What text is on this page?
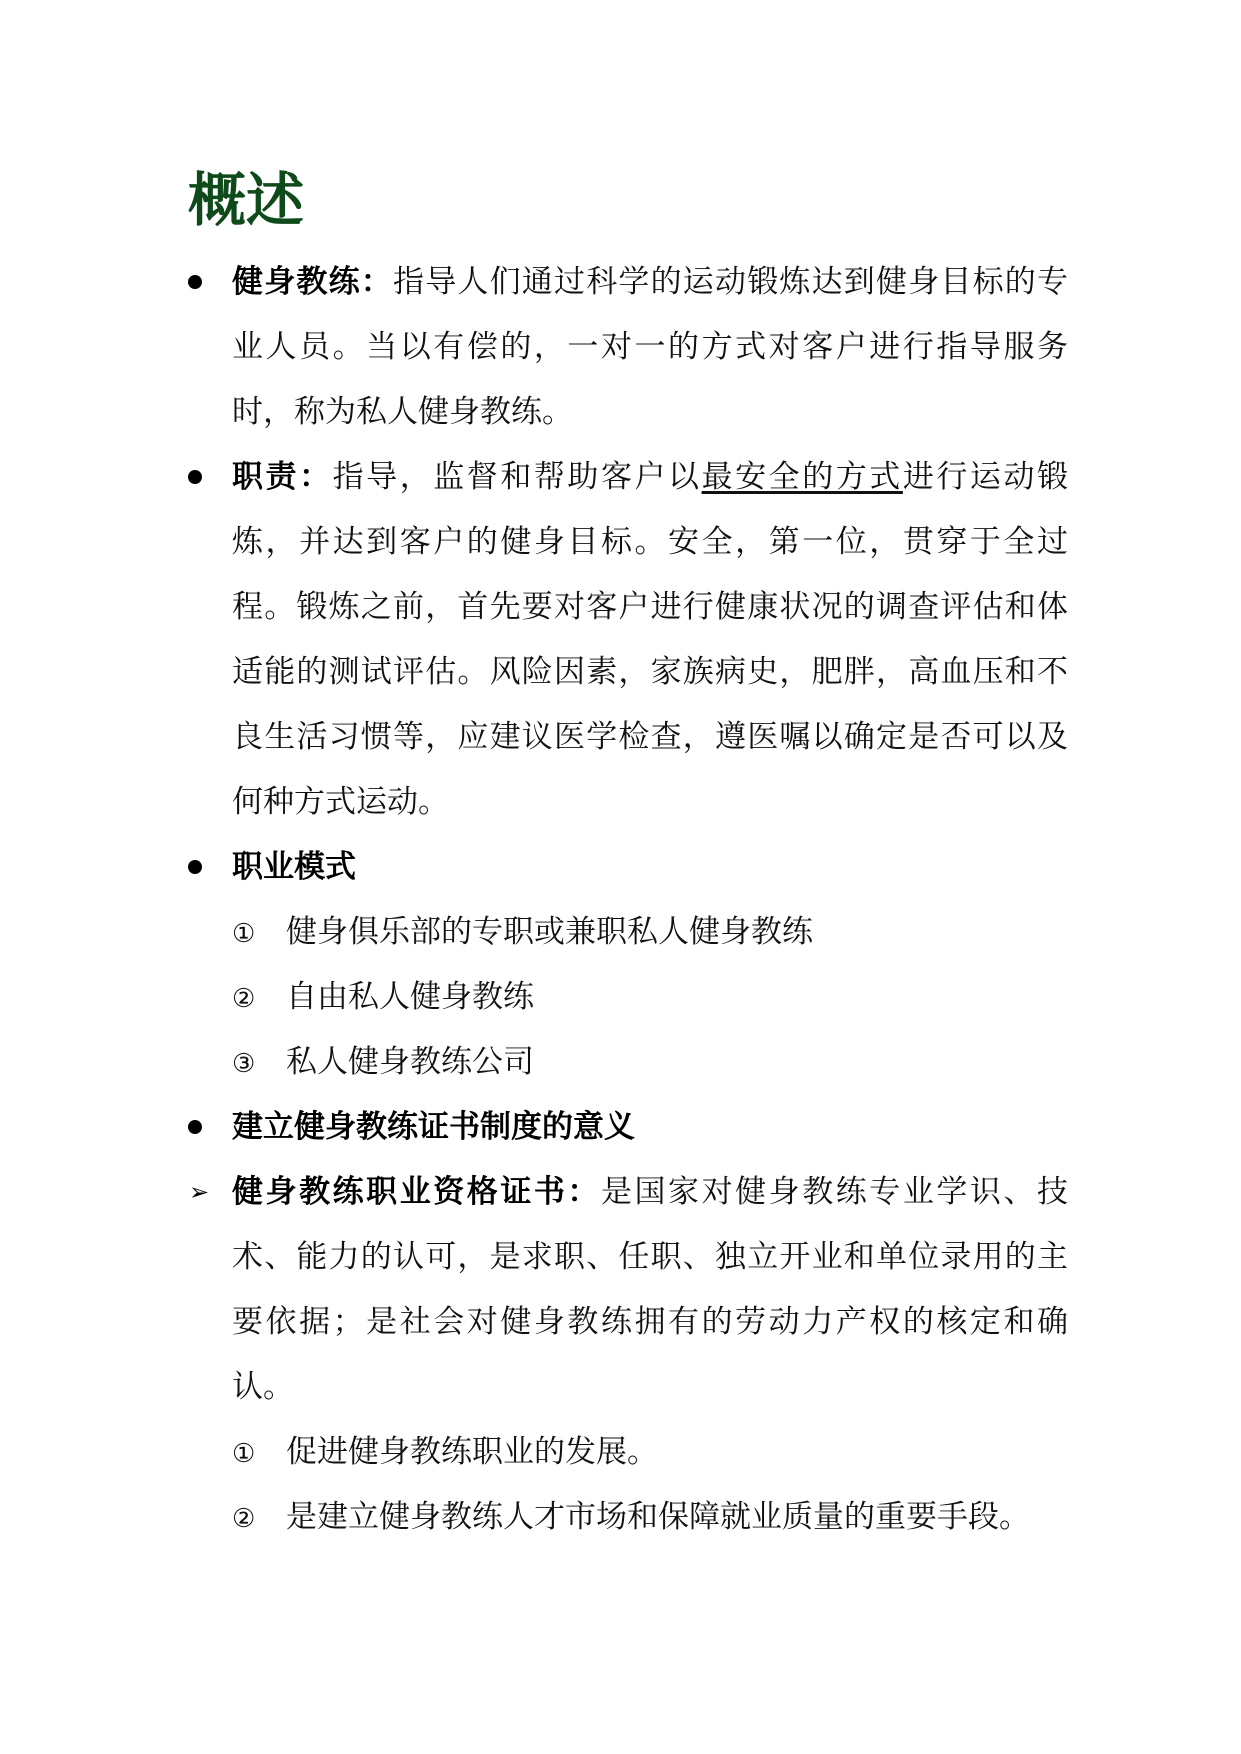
概述
健身教练：指导人们通过科学的运动锻炼达到健身目标的专业人员。当以有偿的，一对一的方式对客户进行指导服务时，称为私人健身教练。
职责：指导，监督和帮助客户以最安全的方式进行运动锻炼，并达到客户的健身目标。安全，第一位，贯穿于全过程。锻炼之前，首先要对客户进行健康状况的调查评估和体适能的测试评估。风险因素，家族病史，肥胖，高血压和不良生活习惯等，应建议医学检查，遵医嘱以确定是否可以及何种方式运动。
职业模式
① 健身俱乐部的专职或兼职私人健身教练
② 自由私人健身教练
③ 私人健身教练公司
建立健身教练证书制度的意义
➢ 健身教练职业资格证书：是国家对健身教练专业学识、技术、能力的认可，是求职、任职、独立开业和单位录用的主要依据；是社会对健身教练拥有的劳动力产权的核定和确认。
① 促进健身教练职业的发展。
② 是建立健身教练人才市场和保障就业质量的重要手段。
